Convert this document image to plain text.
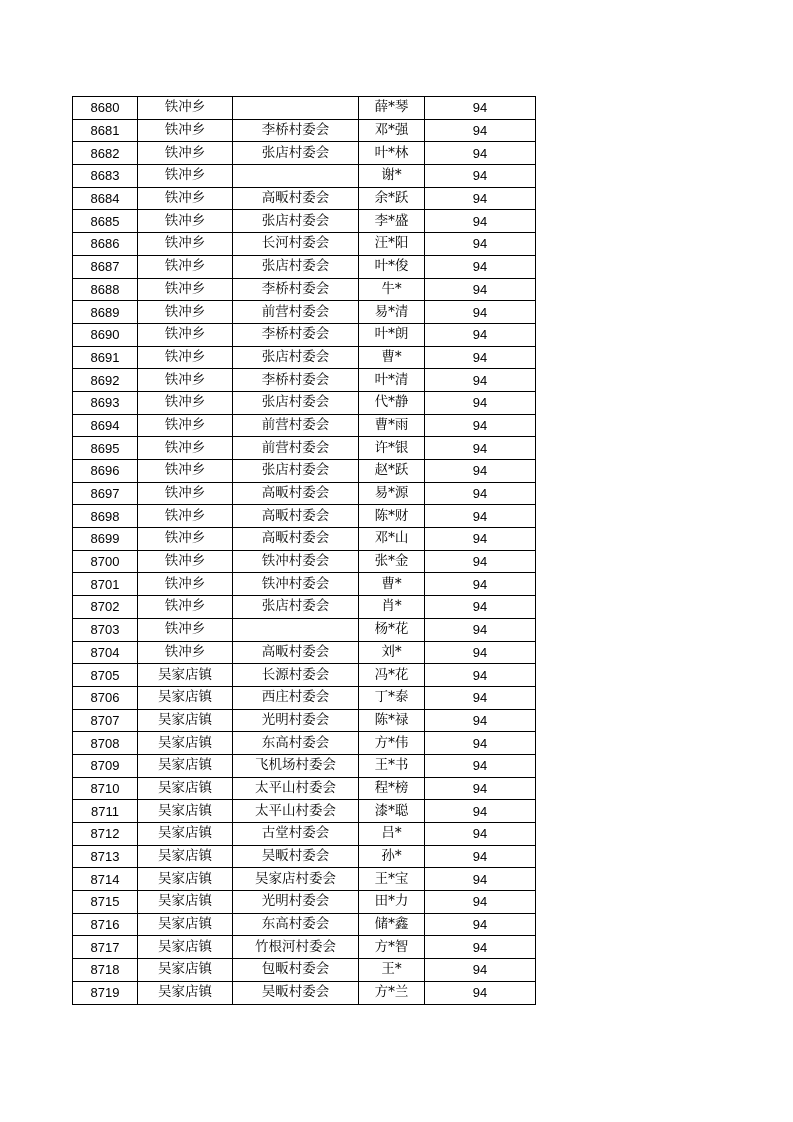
8680	铁冲乡		薛*琴	94
8681	铁冲乡	李桥村委会	邓*强	94
8682	铁冲乡	张店村委会	叶*林	94
8683	铁冲乡		谢*	94
8684	铁冲乡	高畈村委会	余*跃	94
8685	铁冲乡	张店村委会	李*盛	94
8686	铁冲乡	长河村委会	汪*阳	94
8687	铁冲乡	张店村委会	叶*俊	94
8688	铁冲乡	李桥村委会	牛*	94
8689	铁冲乡	前营村委会	易*清	94
8690	铁冲乡	李桥村委会	叶*朗	94
8691	铁冲乡	张店村委会	曹*	94
8692	铁冲乡	李桥村委会	叶*清	94
8693	铁冲乡	张店村委会	代*静	94
8694	铁冲乡	前营村委会	曹*雨	94
8695	铁冲乡	前营村委会	许*银	94
8696	铁冲乡	张店村委会	赵*跃	94
8697	铁冲乡	高畈村委会	易*源	94
8698	铁冲乡	高畈村委会	陈*财	94
8699	铁冲乡	高畈村委会	邓*山	94
8700	铁冲乡	铁冲村委会	张*金	94
8701	铁冲乡	铁冲村委会	曹*	94
8702	铁冲乡	张店村委会	肖*	94
8703	铁冲乡		杨*花	94
8704	铁冲乡	高畈村委会	刘*	94
8705	吴家店镇	长源村委会	冯*花	94
8706	吴家店镇	西庄村委会	丁*泰	94
8707	吴家店镇	光明村委会	陈*禄	94
8708	吴家店镇	东高村委会	方*伟	94
8709	吴家店镇	飞机场村委会	王*书	94
8710	吴家店镇	太平山村委会	程*榜	94
8711	吴家店镇	太平山村委会	漆*聪	94
8712	吴家店镇	古堂村委会	吕*	94
8713	吴家店镇	吴畈村委会	孙*	94
8714	吴家店镇	吴家店村委会	王*宝	94
8715	吴家店镇	光明村委会	田*力	94
8716	吴家店镇	东高村委会	储*鑫	94
8717	吴家店镇	竹根河村委会	方*智	94
8718	吴家店镇	包畈村委会	王*	94
8719	吴家店镇	吴畈村委会	方*兰	94
